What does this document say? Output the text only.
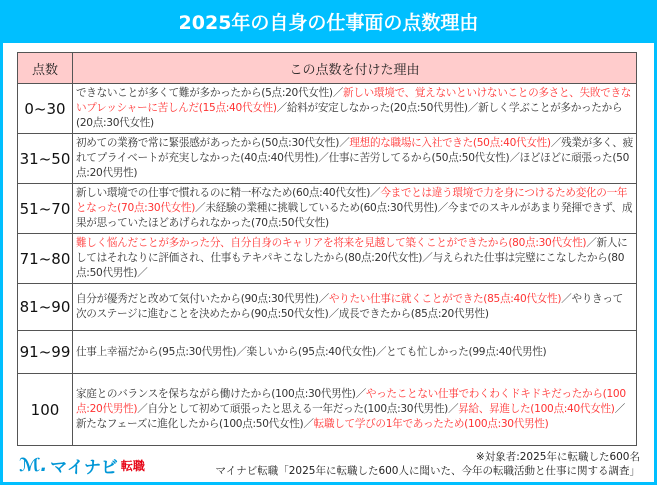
2025年の自身の仕事面の点数理由
点数	この点数を付けた理由
0~30	できないことが多くて難が多かったから(5点:20代女性)／新しい環境で、覚えないといけないことの多さと、失敗できないプレッシャーに苦しんだ(15点:40代女性)／給料が安定しなかった(20点:50代男性)／新しく学ぶことが多かったから(20点:30代女性)
31~50	初めての業務で常に緊張感があったから(50点:30代女性)／理想的な職場に入社できた(50点:40代女性)／残業が多く、疲れてプライベートが充実しなかった(40点:40代男性)／仕事に苦労してるから(50点:50代女性)／ほどほどに頑張った(50点:20代男性)
51~70	新しい環境での仕事で慣れるのに精一杯なため(60点:40代女性)／今までとは違う環境で力を身につけるため変化の一年となった(70点:30代女性)／未経験の業種に挑戦しているため(60点:30代男性)／今までのスキルがあまり発揮できず、成果が思っていたほどあげられなかった(70点:50代女性)
71~80	難しく悩んだことが多かった分、自分自身のキャリアを将来を見越して築くことができたから(80点:30代女性)／新人にしてはそれなりに評価され、仕事もテキパキこなしたから(80点:20代女性)／与えられた仕事は完璧にこなしたから(80点:50代男性)／
81~90	自分が優秀だと改めて気付いたから(90点:30代男性)／やりたい仕事に就くことができた(85点:40代女性)／やりきって次のステージに進むことを決めたから(90点:50代女性)／成長できたから(85点:20代男性)
91~99	仕事上幸福だから(95点:30代男性)／楽しいから(95点:40代女性)／とても忙しかった(99点:40代男性)
100	家庭とのバランスを保ちながら働けたから(100点:30代男性)／やったことない仕事でわくわくドキドキだったから(100点:20代男性)／自分として初めて頑張ったと思える一年だった(100点:30代男性)／昇給、昇進した(100点:40代女性)／新たなフェーズに進化したから(100点:50代女性)／転職して学びの1年であったため(100点:30代男性)
ℳ. マイナビ 転職
※対象者:2025年に転職した600名
マイナビ転職「2025年に転職した600人に聞いた、今年の転職活動と仕事に関する調査」
